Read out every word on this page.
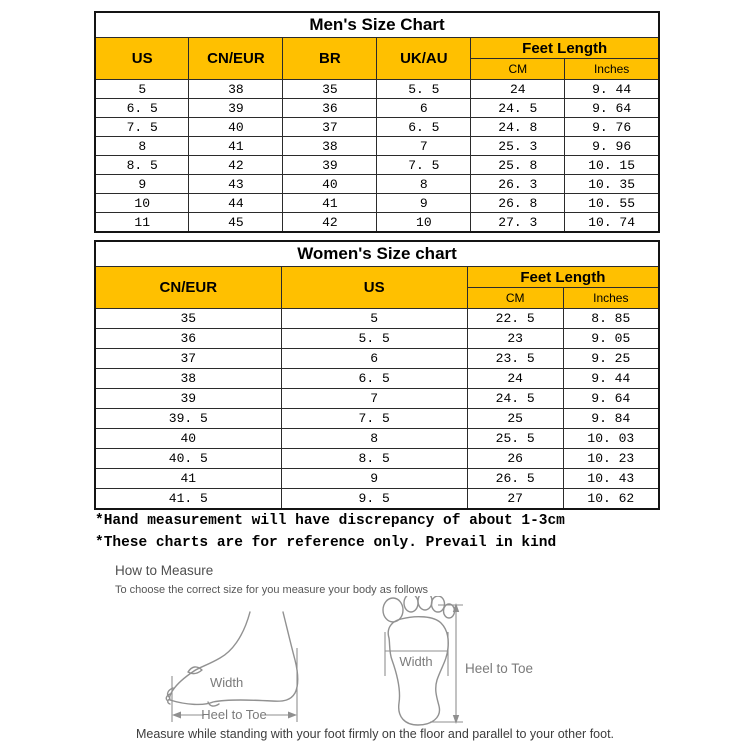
Men's Size Chart					
US	CN/EUR	BR	UK/AU	Feet Length	
				CM	Inches
5	38	35	5. 5	24	9. 44
6. 5	39	36	6	24. 5	9. 64
7. 5	40	37	6. 5	24. 8	9. 76
8	41	38	7	25. 3	9. 96
8. 5	42	39	7. 5	25. 8	10. 15
9	43	40	8	26. 3	10. 35
10	44	41	9	26. 8	10. 55
11	45	42	10	27. 3	10. 74
Women's Size chart			
CN/EUR	US	Feet Length	
		CM	Inches
35	5	22. 5	8. 85
36	5. 5	23	9. 05
37	6	23. 5	9. 25
38	6. 5	24	9. 44
39	7	24. 5	9. 64
39. 5	7. 5	25	9. 84
40	8	25. 5	10. 03
40. 5	8. 5	26	10. 23
41	9	26. 5	10. 43
41. 5	9. 5	27	10. 62
*Hand measurement will have discrepancy of about 1-3cm
*These charts are for reference only. Prevail in kind
How to Measure
To choose the correct size for you measure your body as follows
Width
Heel to Toe
Width Heel to Toe
Measure while standing with your foot firmly on the floor and parallel to your other foot.
